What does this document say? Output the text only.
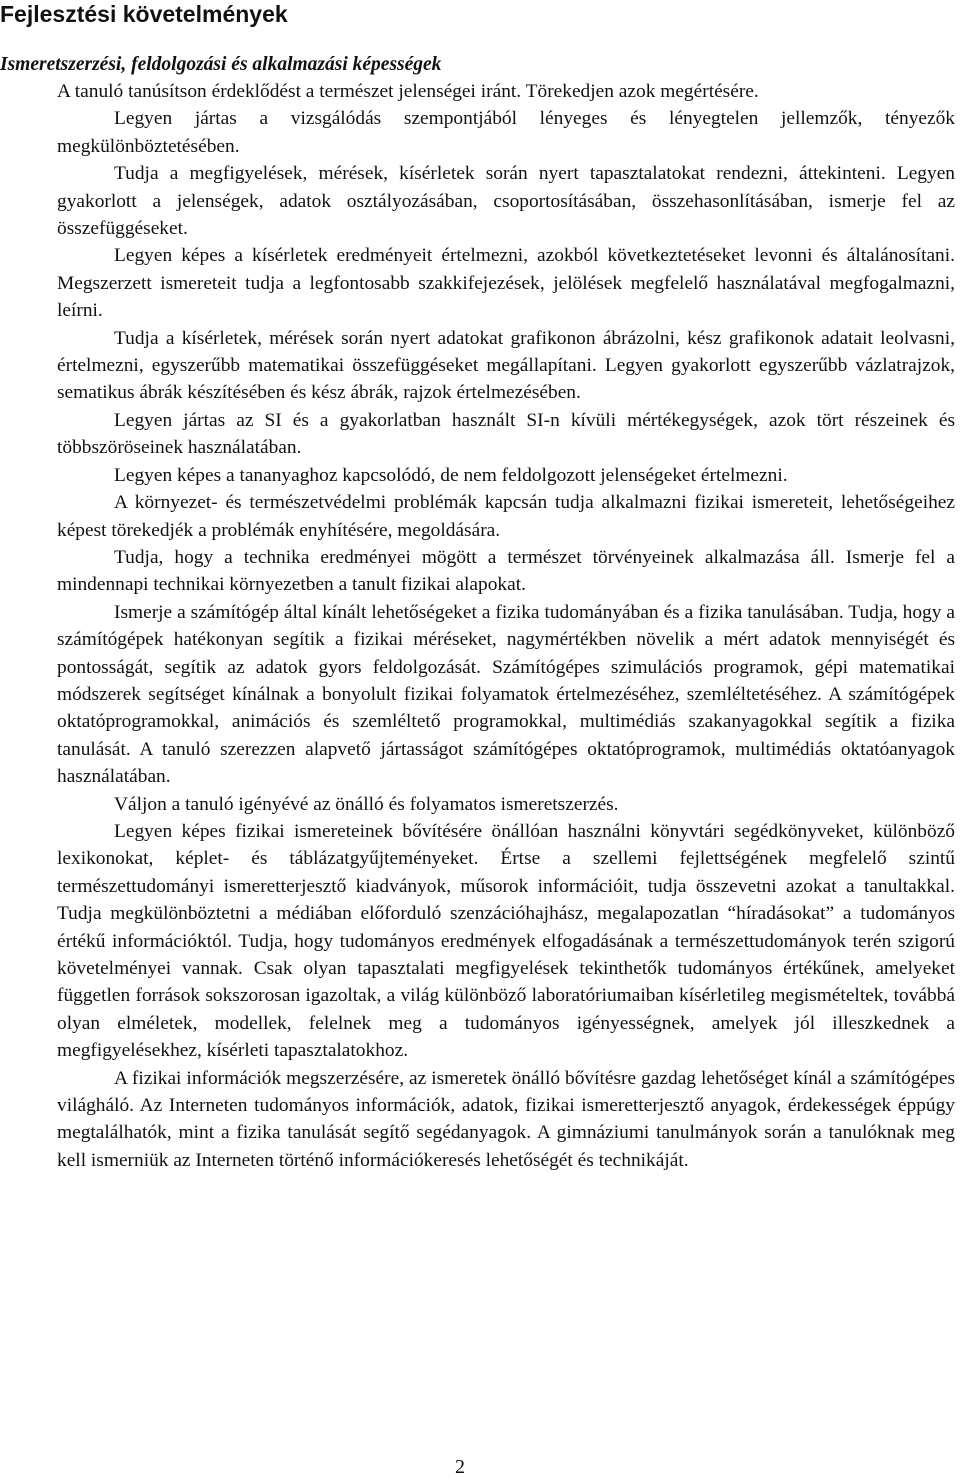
Fejlesztési követelmények
Ismeretszerzési, feldolgozási és alkalmazási képességek

A tanuló tanúsítson érdeklődést a természet jelenségei iránt. Törekedjen azok megértésére.

Legyen jártas a vizsgálódás szempontjából lényeges és lényegtelen jellemzők, tényezők megkülönböztetésében.

Tudja a megfigyelések, mérések, kísérletek során nyert tapasztalatokat rendezni, áttekinteni. Legyen gyakorlott a jelenségek, adatok osztályozásában, csoportosításában, összehasonlításában, ismerje fel az összefüggéseket.

Legyen képes a kísérletek eredményeit értelmezni, azokból következtetéseket levonni és általánosítani. Megszerzett ismereteit tudja a legfontosabb szakkifejezések, jelölések megfelelő használatával megfogalmazni, leírni.

Tudja a kísérletek, mérések során nyert adatokat grafikonon ábrázolni, kész grafikonok adatait leolvasni, értelmezni, egyszerűbb matematikai összefüggéseket megállapítani. Legyen gyakorlott egyszerűbb vázlatrajzok, sematikus ábrák készítésében és kész ábrák, rajzok értelmezésében.

Legyen jártas az SI és a gyakorlatban használt SI-n kívüli mértékegységek, azok tört részeinek és többszöröseinek használatában.

Legyen képes a tananyaghoz kapcsolódó, de nem feldolgozott jelenségeket értelmezni.

A környezet- és természetvédelmi problémák kapcsán tudja alkalmazni fizikai ismereteit, lehetőségeihez képest törekedjék a problémák enyhítésére, megoldására.

Tudja, hogy a technika eredményei mögött a természet törvényeinek alkalmazása áll. Ismerje fel a mindennapi technikai környezetben a tanult fizikai alapokat.

Ismerje a számítógép által kínált lehetőségeket a fizika tudományában és a fizika tanulásában. Tudja, hogy a számítógépek hatékonyan segítik a fizikai méréseket, nagymértékben növelik a mért adatok mennyiségét és pontosságát, segítik az adatok gyors feldolgozását. Számítógépes szimulációs programok, gépi matematikai módszerek segítséget kínálnak a bonyolult fizikai folyamatok értelmezéséhez, szemléltetéséhez. A számítógépek oktatóprogramokkal, animációs és szemléltető programokkal, multimédiás szakanyagokkal segítik a fizika tanulását. A tanuló szerezzen alapvető jártasságot számítógépes oktatóprogramok, multimédiás oktatóanyagok használatában.

Váljon a tanuló igényévé az önálló és folyamatos ismeretszerzés.

Legyen képes fizikai ismereteinek bővítésére önállóan használni könyvtári segédkönyveket, különböző lexikonokat, képlet- és táblázatgyűjteményeket. Értse a szellemi fejlettségének megfelelő szintű természettudományi ismeretterjesztő kiadványok, műsorok információit, tudja összevetni azokat a tanultakkal. Tudja megkülönböztetni a médiában előforduló szenzációhajhász, megalapozatlan “híradásokat” a tudományos értékű információktól. Tudja, hogy tudományos eredmények elfogadásának a természettudományok terén szigorú követelményei vannak. Csak olyan tapasztalati megfigyelések tekinthetők tudományos értékűnek, amelyeket független források sokszorosan igazoltak, a világ különböző laboratóriumaiban kísérletileg megismételtek, továbbá olyan elméletek, modellek, felelnek meg a tudományos igényességnek, amelyek jól illeszkednek a megfigyelésekhez, kísérleti tapasztalatokhoz.

A fizikai információk megszerzésére, az ismeretek önálló bővítésre gazdag lehetőséget kínál a számítógépes világháló. Az Interneten tudományos információk, adatok, fizikai ismeretterjesztő anyagok, érdekességek éppúgy megtalálhatók, mint a fizika tanulását segítő segédanyagok. A gimnáziumi tanulmányok során a tanulóknak meg kell ismerniük az Interneten történő információkeresés lehetőségét és technikáját.

2
